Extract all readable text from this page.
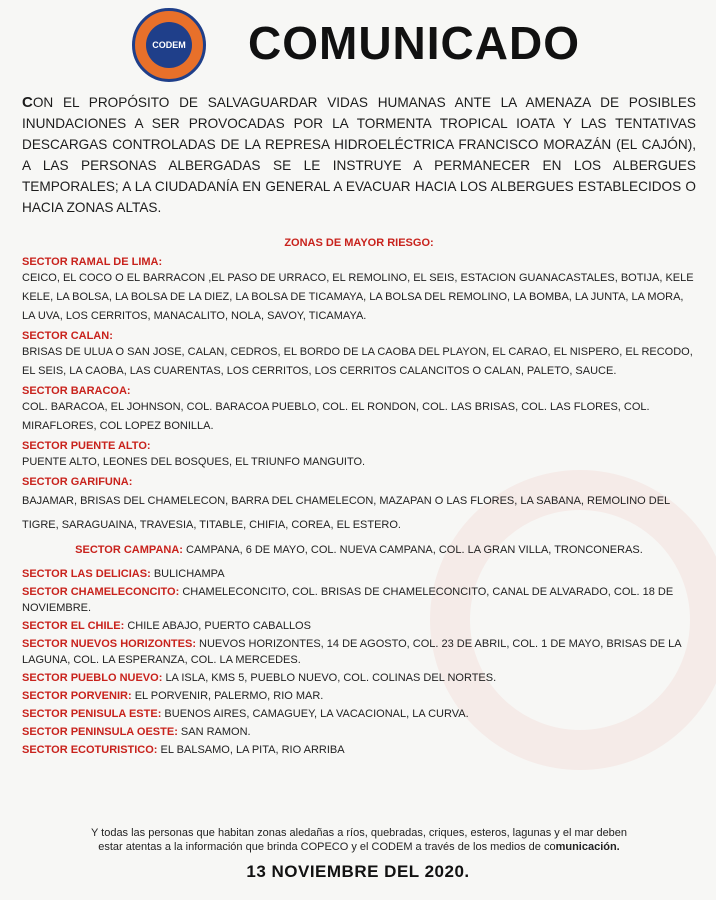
CODEM COMUNICADO
CON EL PROPÓSITO DE SALVAGUARDAR VIDAS HUMANAS ANTE LA AMENAZA DE POSIBLES INUNDACIONES A SER PROVOCADAS POR LA TORMENTA TROPICAL IOATA Y LAS TENTATIVAS DESCARGAS CONTROLADAS DE LA REPRESA HIDROELÉCTRICA FRANCISCO MORAZÁN (EL CAJÓN), A LAS PERSONAS ALBERGADAS SE LE INSTRUYE A PERMANECER EN LOS ALBERGUES TEMPORALES; A LA CIUDADANÍA EN GENERAL A EVACUAR HACIA LOS ALBERGUES ESTABLECIDOS O HACIA ZONAS ALTAS.
ZONAS DE MAYOR RIESGO:
SECTOR RAMAL DE LIMA:
CEICO, EL COCO O EL BARRACON ,EL PASO DE URRACO, EL REMOLINO, EL SEIS, ESTACION GUANACASTALES, BOTIJA, KELE KELE, LA BOLSA, LA BOLSA DE LA DIEZ, LA BOLSA DE TICAMAYA, LA BOLSA DEL REMOLINO, LA BOMBA, LA JUNTA, LA MORA, LA UVA, LOS CERRITOS, MANACALITO, NOLA, SAVOY, TICAMAYA.
SECTOR CALAN:
BRISAS DE ULUA O SAN JOSE, CALAN, CEDROS, EL BORDO DE LA CAOBA DEL PLAYON, EL CARAO, EL NISPERO, EL RECODO, EL SEIS, LA CAOBA, LAS CUARENTAS, LOS CERRITOS, LOS CERRITOS CALANCITOS O CALAN, PALETO, SAUCE.
SECTOR BARACOA:
COL. BARACOA, EL JOHNSON, COL. BARACOA PUEBLO, COL. EL RONDON, COL. LAS BRISAS, COL. LAS FLORES, COL. MIRAFLORES, COL LOPEZ BONILLA.
SECTOR PUENTE ALTO:
PUENTE ALTO, LEONES DEL BOSQUES, EL TRIUNFO MANGUITO.
SECTOR GARIFUNA:
BAJAMAR, BRISAS DEL CHAMELECON, BARRA DEL CHAMELECON, MAZAPAN O LAS FLORES, LA SABANA, REMOLINO DEL TIGRE, SARAGUAINA, TRAVESIA, TITABLE, CHIFIA, COREA, EL ESTERO.
SECTOR CAMPANA: CAMPANA, 6 DE MAYO, COL. NUEVA CAMPANA, COL. LA GRAN VILLA, TRONCONERAS.
SECTOR LAS DELICIAS: BULICHAMPA
SECTOR CHAMELECONCITO: CHAMELECONCITO, COL. BRISAS DE CHAMELECONCITO, CANAL DE ALVARADO, COL. 18 DE NOVIEMBRE.
SECTOR EL CHILE: CHILE ABAJO, PUERTO CABALLOS
SECTOR NUEVOS HORIZONTES: NUEVOS HORIZONTES, 14 DE AGOSTO, COL. 23 DE ABRIL, COL. 1 DE MAYO, BRISAS DE LA LAGUNA, COL. LA ESPERANZA, COL. LA MERCEDES.
SECTOR PUEBLO NUEVO: LA ISLA, KMS 5, PUEBLO NUEVO, COL. COLINAS DEL NORTES.
SECTOR PORVENIR: EL PORVENIR, PALERMO, RIO MAR.
SECTOR PENISULA ESTE: BUENOS AIRES, CAMAGUEY, LA VACACIONAL, LA CURVA.
SECTOR PENINSULA OESTE: SAN RAMON.
SECTOR ECOTURISTICO: EL BALSAMO, LA PITA, RIO ARRIBA
Y todas las personas que habitan zonas aledañas a ríos, quebradas, criques, esteros, lagunas y el mar deben
estar atentas a la información que brinda COPECO y el CODEM a través de los medios de comunicación.
13 NOVIEMBRE DEL 2020.
